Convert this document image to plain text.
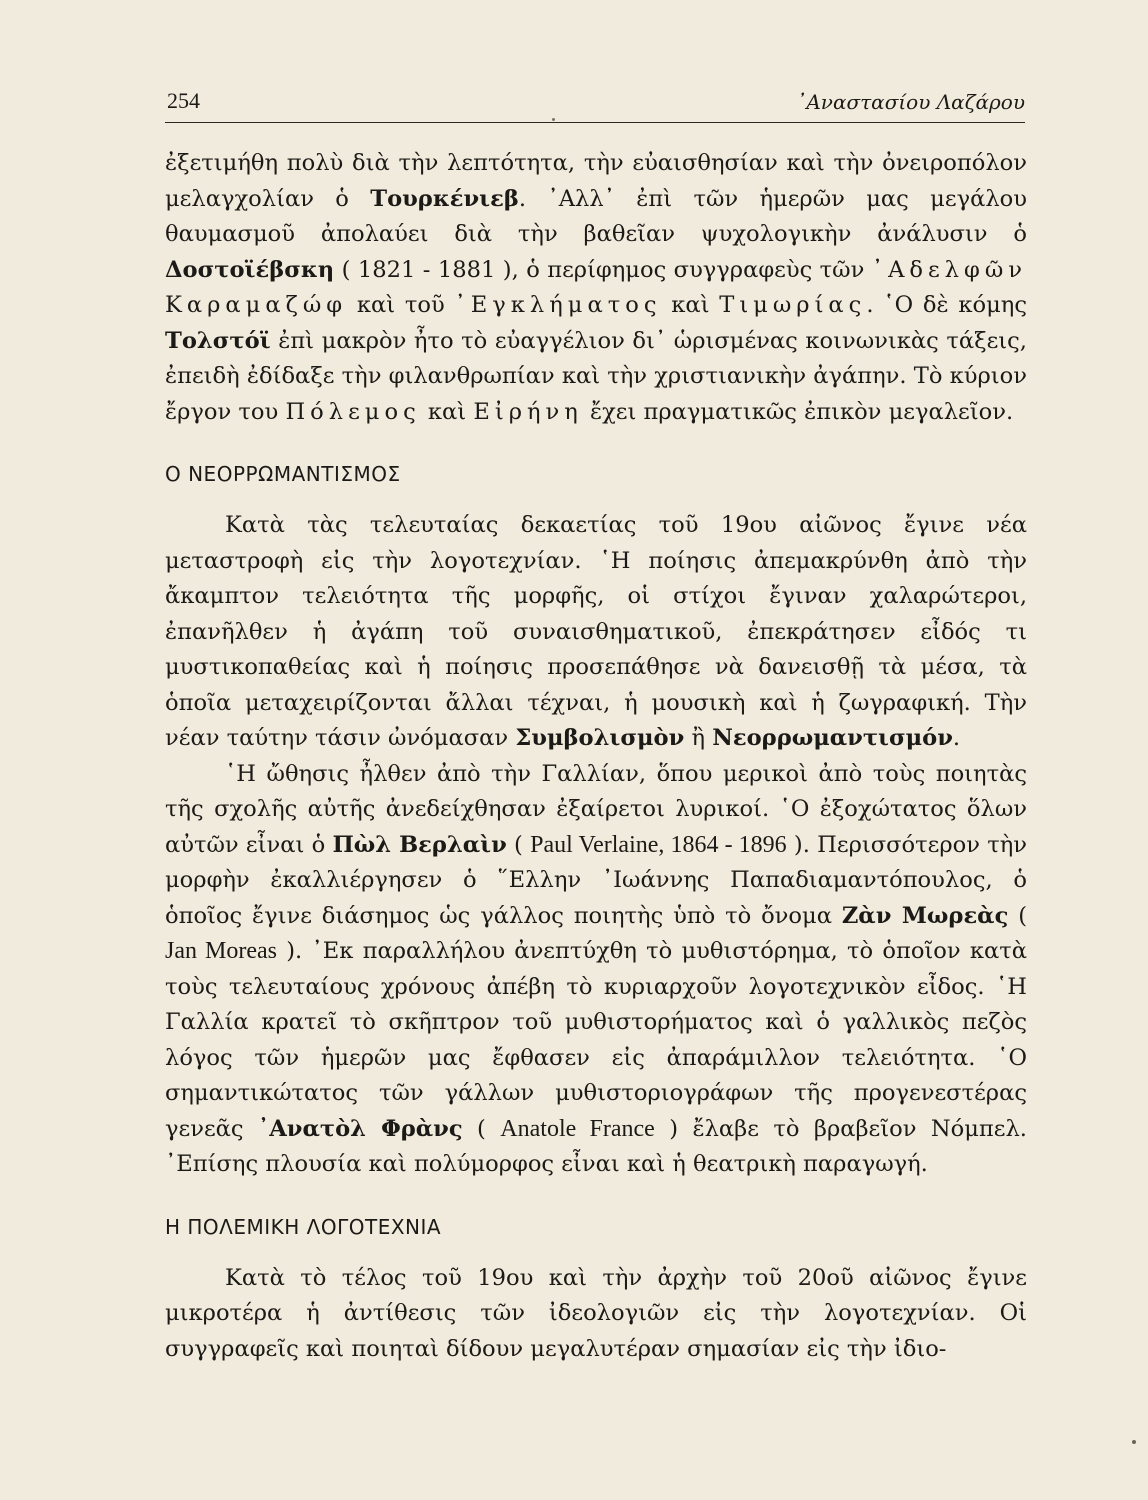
254	᾿Αναστασίου Λαζάρου

ἐξετιμήθη πολὺ διὰ τὴν λεπτότητα, τὴν εὐαισθησίαν καὶ τὴν ὀνειροπόλον μελαγχολίαν ὁ Τουρκένιεβ. ᾿Αλλ᾿ ἐπὶ τῶν ἡμερῶν μας μεγάλου θαυμασμοῦ ἀπολαύει διὰ τὴν βαθεῖαν ψυχολογικὴν ἀνάλυσιν ὁ Δοστοϊέβσκη ( 1821 - 1881 ), ὁ περίφημος συγγραφεὺς τῶν ᾿Αδελφῶν Καραμαζώφ καὶ τοῦ ᾿Εγκλήματος καὶ Τιμωρίας. ῾Ο δὲ κόμης Τολστόϊ ἐπὶ μακρὸν ἦτο τὸ εὐαγγέλιον δι᾿ ὡρισμένας κοινωνικὰς τάξεις, ἐπειδὴ ἐδίδαξε τὴν φιλανθρωπίαν καὶ τὴν χριστιανικὴν ἀγάπην. Τὸ κύριον ἔργον του Πόλεμος καὶ Εἰρήνη ἔχει πραγματικῶς ἐπικὸν μεγαλεῖον.

Ο ΝΕΟΡΡΩΜΑΝΤΙΣΜΟΣ

Κατὰ τὰς τελευταίας δεκαετίας τοῦ 19ου αἰῶνος ἔγινε νέα μεταστροφὴ εἰς τὴν λογοτεχνίαν. ῾Η ποίησις ἀπεμακρύνθη ἀπὸ τὴν ἄκαμπτον τελειότητα τῆς μορφῆς, οἱ στίχοι ἔγιναν χαλαρώτεροι, ἐπανῆλθεν ἡ ἀγάπη τοῦ συναισθηματικοῦ, ἐπεκράτησεν εἶδός τι μυστικοπαθείας καὶ ἡ ποίησις προσεπάθησε νὰ δανεισθῇ τὰ μέσα, τὰ ὁποῖα μεταχειρίζονται ἄλλαι τέχναι, ἡ μουσικὴ καὶ ἡ ζωγραφική. Τὴν νέαν ταύτην τάσιν ὠνόμασαν Συμβολισμὸν ἢ Νεορρωμαντισμόν.

῾Η ὤθησις ἦλθεν ἀπὸ τὴν Γαλλίαν, ὅπου μερικοὶ ἀπὸ τοὺς ποιητὰς τῆς σχολῆς αὐτῆς ἀνεδείχθησαν ἐξαίρετοι λυρικοί. ῾Ο ἐξοχώτατος ὅλων αὐτῶν εἶναι ὁ Πὼλ Βερλαὶν ( Paul Verlaine, 1864 - 1896 ). Περισσότερον τὴν μορφὴν ἐκαλλιέργησεν ὁ ῞Ελλην ᾿Ιωάννης Παπαδιαμαντόπουλος, ὁ ὁποῖος ἔγινε διάσημος ὡς γάλλος ποιητὴς ὑπὸ τὸ ὄνομα Ζὰν Μωρεὰς ( Jan Moreas ). ᾿Εκ παραλλήλου ἀνεπτύχθη τὸ μυθιστόρημα, τὸ ὁποῖον κατὰ τοὺς τελευταίους χρόνους ἀπέβη τὸ κυριαρχοῦν λογοτεχνικὸν εἶδος. ῾Η Γαλλία κρατεῖ τὸ σκῆπτρον τοῦ μυθιστορήματος καὶ ὁ γαλλικὸς πεζὸς λόγος τῶν ἡμερῶν μας ἔφθασεν εἰς ἀπαράμιλλον τελειότητα. ῾Ο σημαντικώτατος τῶν γάλλων μυθιστοριογράφων τῆς προγενεστέρας γενεᾶς ᾿Ανατὸλ Φρὰνς ( Anatole France ) ἔλαβε τὸ βραβεῖον Νόμπελ. ᾿Επίσης πλουσία καὶ πολύμορφος εἶναι καὶ ἡ θεατρικὴ παραγωγή.

Η ΠΟΛΕΜΙΚΗ ΛΟΓΟΤΕΧΝΙΑ

Κατὰ τὸ τέλος τοῦ 19ου καὶ τὴν ἀρχὴν τοῦ 20οῦ αἰῶνος ἔγινε μικροτέρα ἡ ἀντίθεσις τῶν ἰδεολογιῶν εἰς τὴν λογοτεχνίαν. Οἱ συγγραφεῖς καὶ ποιηταὶ δίδουν μεγαλυτέραν σημασίαν εἰς τὴν ἰδιο-
